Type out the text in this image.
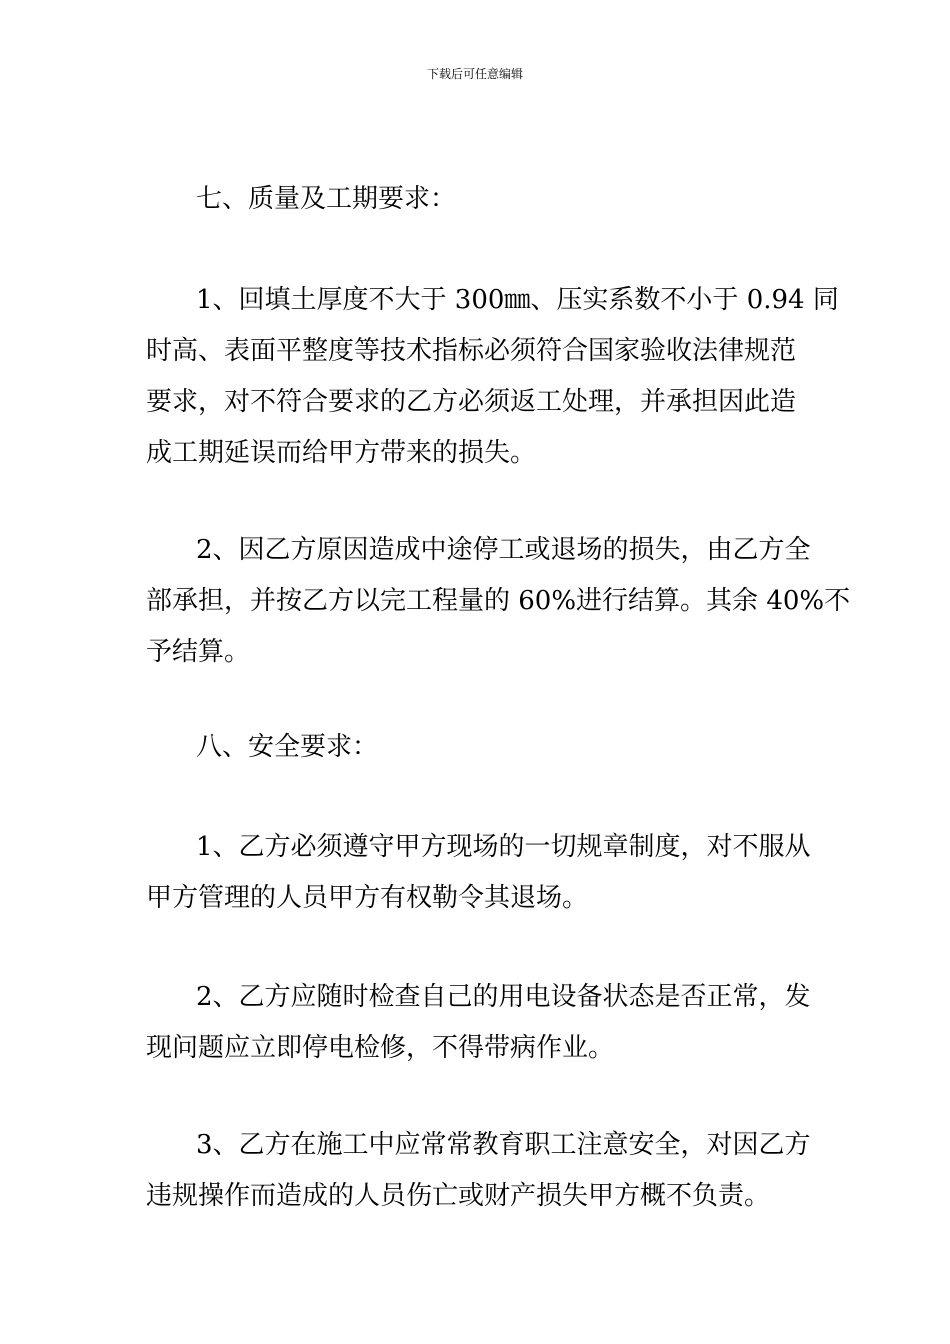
下载后可任意编辑
七、质量及工期要求：
1、回填土厚度不大于 300㎜、压实系数不小于 0.94 同
时高、表面平整度等技术指标必须符合国家验收法律规范
要求，对不符合要求的乙方必须返工处理，并承担因此造
成工期延误而给甲方带来的损失。
2、因乙方原因造成中途停工或退场的损失，由乙方全
部承担，并按乙方以完工程量的 60%进行结算。其余 40%不
予结算。
八、安全要求：
1、乙方必须遵守甲方现场的一切规章制度，对不服从
甲方管理的人员甲方有权勒令其退场。
2、乙方应随时检查自己的用电设备状态是否正常，发
现问题应立即停电检修，不得带病作业。
3、乙方在施工中应常常教育职工注意安全，对因乙方
违规操作而造成的人员伤亡或财产损失甲方概不负责。
